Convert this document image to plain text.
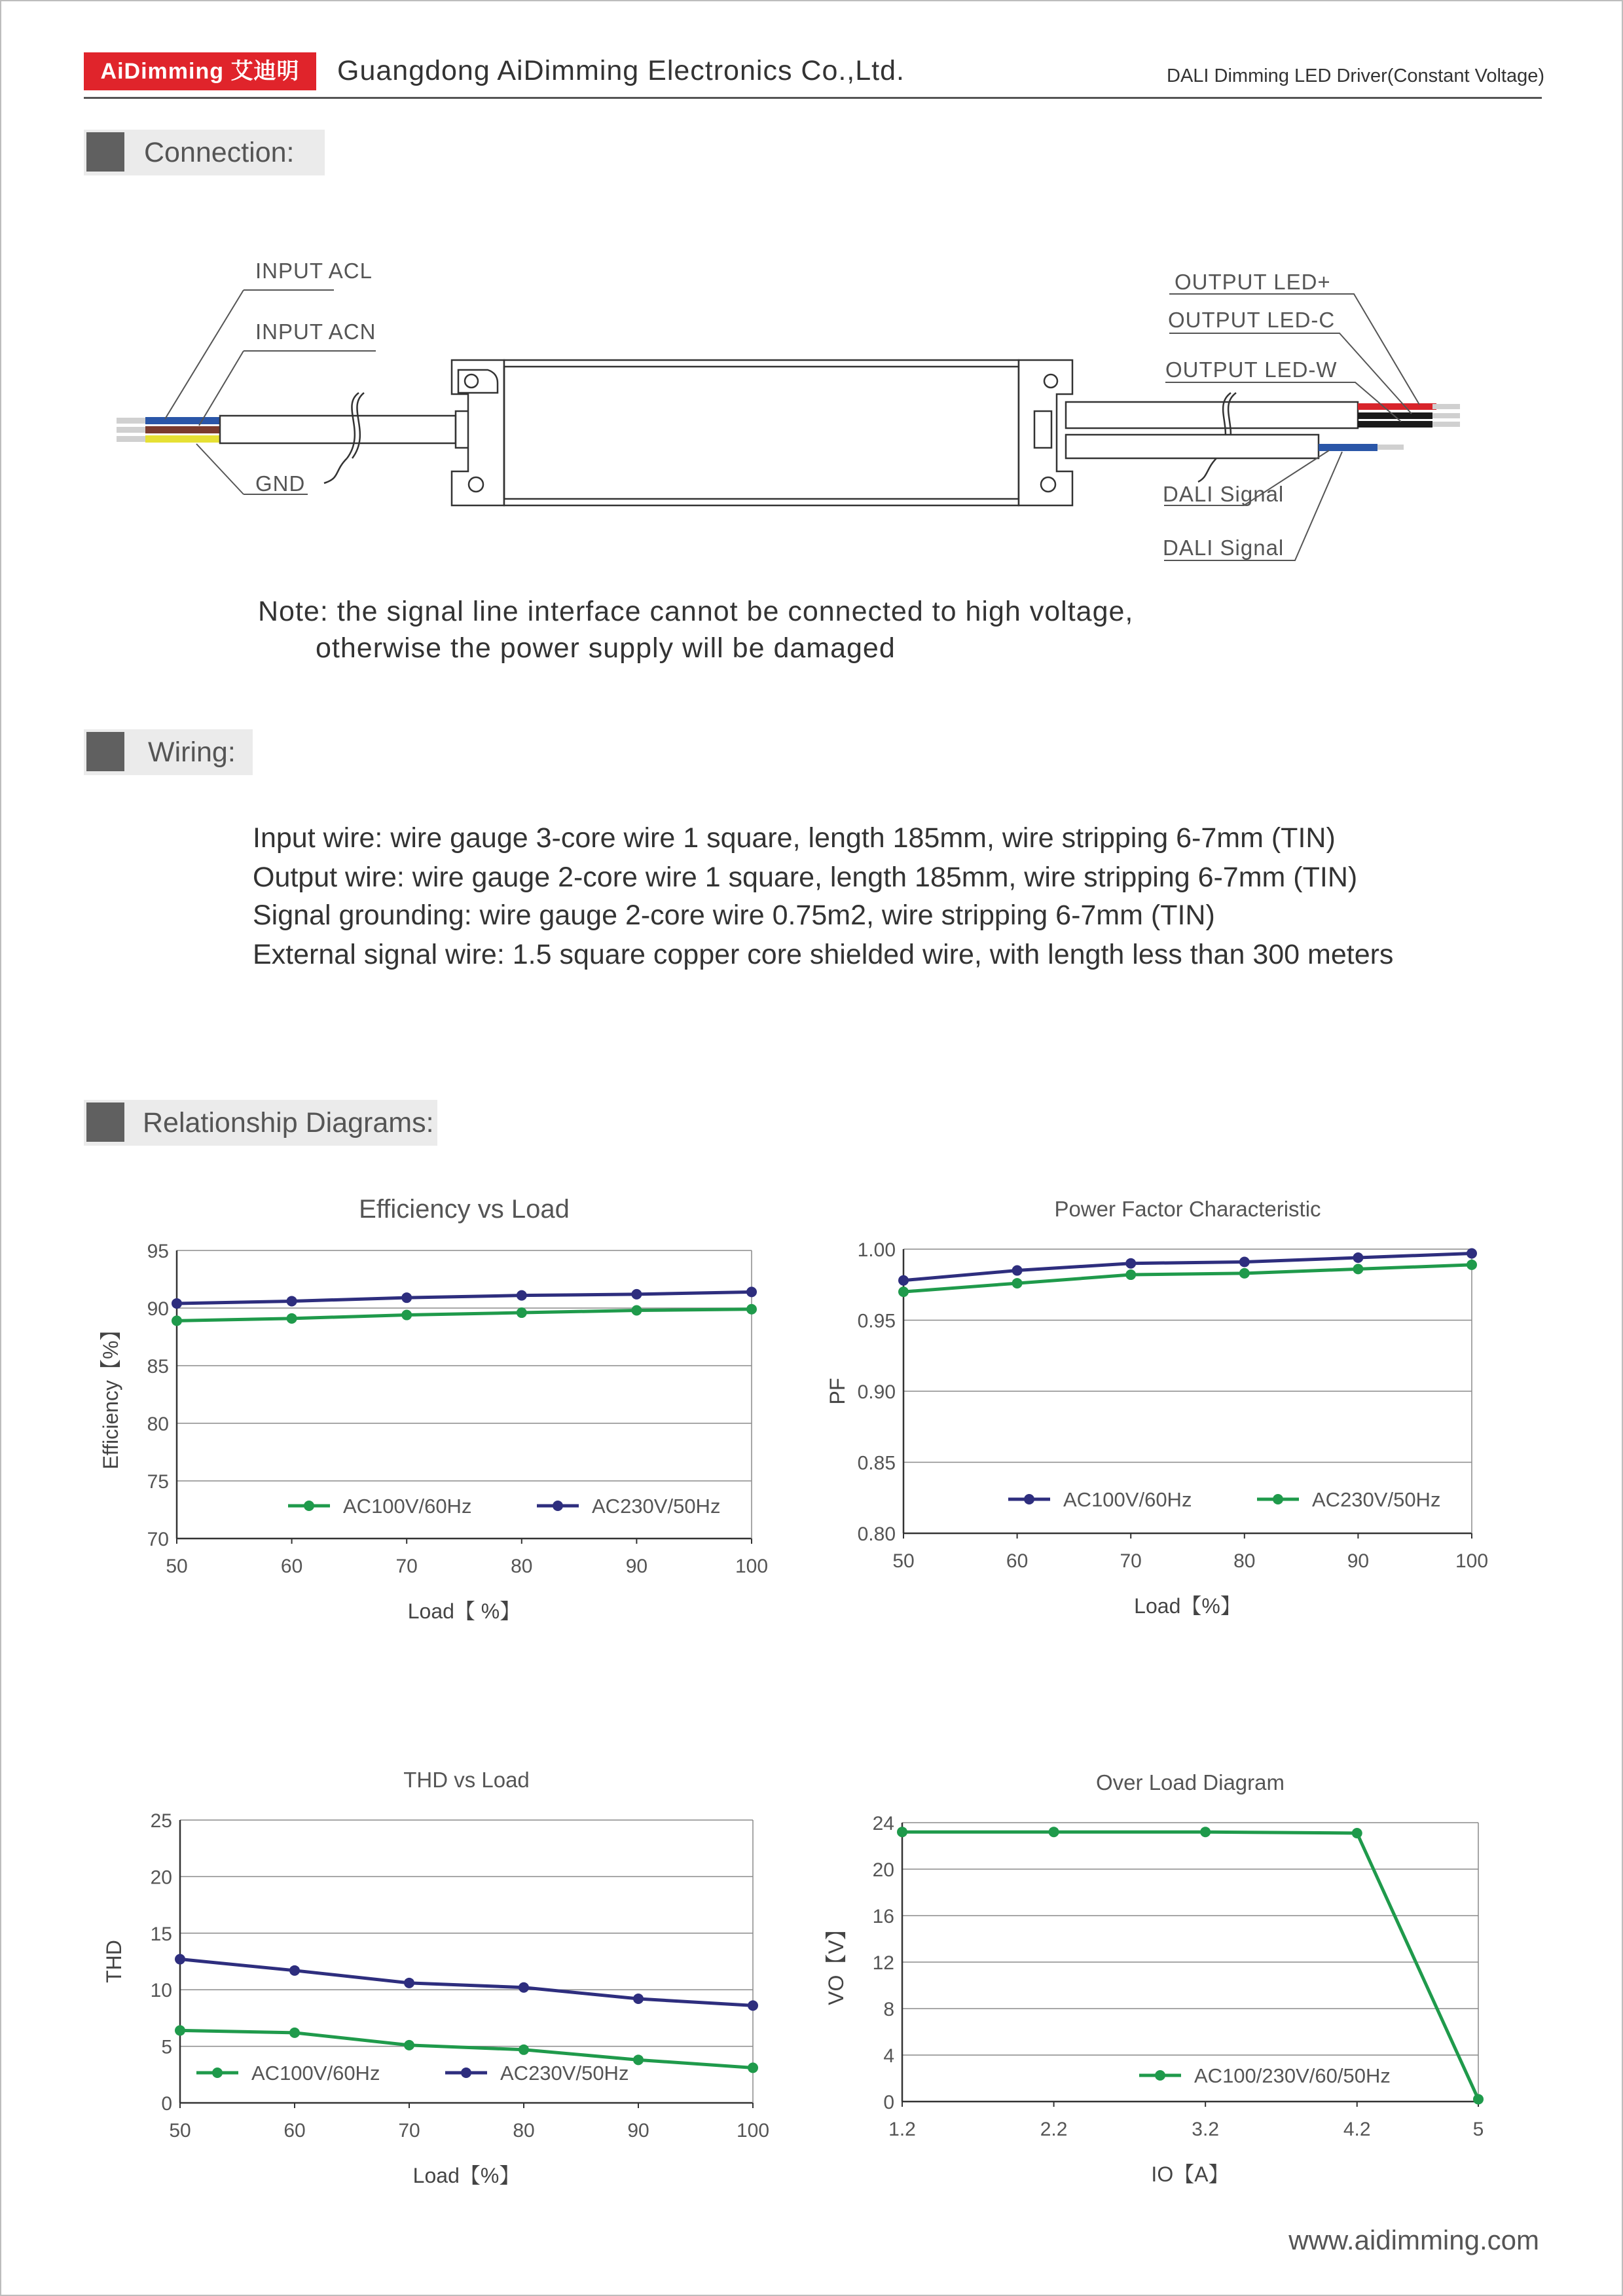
AiDimming 艾迪明	Guangdong AiDimming Electronics Co.,Ltd.	DALI Dimming LED Driver(Constant Voltage)
Connection:
INPUT ACL
INPUT ACN
GND
OUTPUT LED+
OUTPUT LED-C
OUTPUT LED-W
DALI Signal
DALI Signal
Note: the signal line interface cannot be connected to high voltage,
otherwise the power supply will be damaged
Wiring:
Input wire: wire gauge 3-core wire 1 square, length 185mm, wire stripping 6-7mm (TIN)
Output wire: wire gauge 2-core wire 1 square, length 185mm, wire stripping 6-7mm (TIN)
Signal grounding: wire gauge 2-core wire 0.75m2, wire stripping 6-7mm (TIN)
External signal wire: 1.5 square copper core shielded wire, with length less than 300 meters
Relationship Diagrams:
Efficiency vs Load
70
75
80
85
90
95
50	60	70	80	90	100
Load【 %】
Efficiency【%】
AC100V/60Hz	AC230V/50Hz
Power Factor Characteristic
0.80
0.85
0.90
0.95
1.00
50	60	70	80	90	100
Load【%】
PF
AC100V/60Hz	AC230V/50Hz
THD vs Load
0
5
10
15
20
25
50	60	70	80	90	100
Load【%】
THD
AC100V/60Hz	AC230V/50Hz
Over Load Diagram
0
4
8
12
16
20
24
1.2	2.2	3.2	4.2	5
IO【A】
VO【V】
AC100/230V/60/50Hz
www.aidimming.com
